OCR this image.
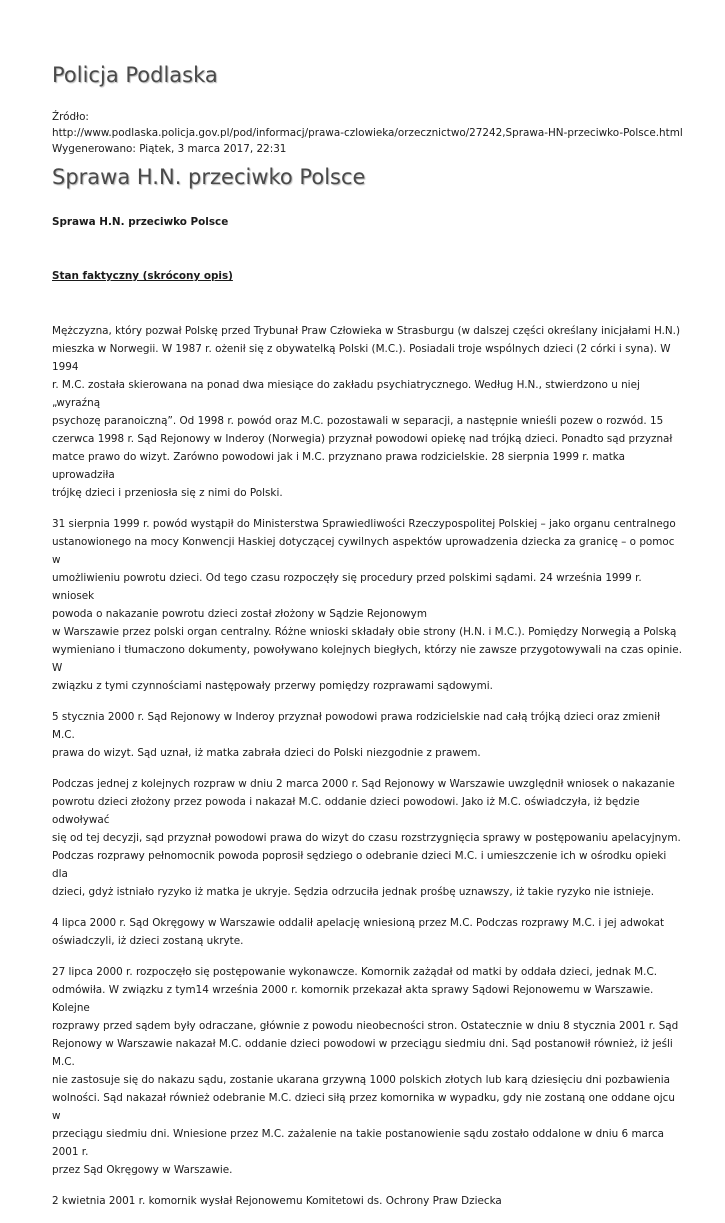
Policja Podlaska
Źródło:
http://www.podlaska.policja.gov.pl/pod/informacj/prawa-czlowieka/orzecznictwo/27242,Sprawa-HN-przeciwko-Polsce.html
Wygenerowano: Piątek, 3 marca 2017, 22:31
Sprawa H.N. przeciwko Polsce
Sprawa H.N. przeciwko Polsce
Stan faktyczny (skrócony opis)

Mężczyzna, który pozwał Polskę przed Trybunał Praw Człowieka w Strasburgu (w dalszej części określany inicjałami H.N.)
mieszka w Norwegii. W 1987 r. ożenił się z obywatelką Polski (M.C.). Posiadali troje wspólnych dzieci (2 córki i syna). W 1994
r. M.C. została skierowana na ponad dwa miesiące do zakładu psychiatrycznego. Według H.N., stwierdzono u niej „wyraźną
psychozę paranoiczną”. Od 1998 r. powód oraz M.C. pozostawali w separacji, a następnie wnieśli pozew o rozwód. 15
czerwca 1998 r. Sąd Rejonowy w Inderoy (Norwegia) przyznał powodowi opiekę nad trójką dzieci. Ponadto sąd przyznał
matce prawo do wizyt. Zarówno powodowi jak i M.C. przyznano prawa rodzicielskie. 28 sierpnia 1999 r. matka uprowadziła
trójkę dzieci i przeniosła się z nimi do Polski.

31 sierpnia 1999 r. powód wystąpił do Ministerstwa Sprawiedliwości Rzeczypospolitej Polskiej – jako organu centralnego
ustanowionego na mocy Konwencji Haskiej dotyczącej cywilnych aspektów uprowadzenia dziecka za granicę – o pomoc w
umożliwieniu powrotu dzieci. Od tego czasu rozpoczęły się procedury przed polskimi sądami. 24 września 1999 r. wniosek
powoda o nakazanie powrotu dzieci został złożony w Sądzie Rejonowym
w Warszawie przez polski organ centralny. Różne wnioski składały obie strony (H.N. i M.C.). Pomiędzy Norwegią a Polską
wymieniano i tłumaczono dokumenty, powoływano kolejnych biegłych, którzy nie zawsze przygotowywali na czas opinie. W
związku z tymi czynnościami następowały przerwy pomiędzy rozprawami sądowymi.

5 stycznia 2000 r. Sąd Rejonowy w Inderoy przyznał powodowi prawa rodzicielskie nad całą trójką dzieci oraz zmienił M.C.
prawa do wizyt. Sąd uznał, iż matka zabrała dzieci do Polski niezgodnie z prawem.

Podczas jednej z kolejnych rozpraw w dniu 2 marca 2000 r. Sąd Rejonowy w Warszawie uwzględnił wniosek o nakazanie
powrotu dzieci złożony przez powoda i nakazał M.C. oddanie dzieci powodowi. Jako iż M.C. oświadczyła, iż będzie odwoływać
się od tej decyzji, sąd przyznał powodowi prawa do wizyt do czasu rozstrzygnięcia sprawy w postępowaniu apelacyjnym.
Podczas rozprawy pełnomocnik powoda poprosił sędziego o odebranie dzieci M.C. i umieszczenie ich w ośrodku opieki dla
dzieci, gdyż istniało ryzyko iż matka je ukryje. Sędzia odrzuciła jednak prośbę uznawszy, iż takie ryzyko nie istnieje.

4 lipca 2000 r. Sąd Okręgowy w Warszawie oddalił apelację wniesioną przez M.C. Podczas rozprawy M.C. i jej adwokat
oświadczyli, iż dzieci zostaną ukryte.

27 lipca 2000 r. rozpoczęło się postępowanie wykonawcze. Komornik zażądał od matki by oddała dzieci, jednak M.C.
odmówiła. W związku z tym14 września 2000 r. komornik przekazał akta sprawy Sądowi Rejonowemu w Warszawie. Kolejne
rozprawy przed sądem były odraczane, głównie z powodu nieobecności stron. Ostatecznie w dniu 8 stycznia 2001 r. Sąd
Rejonowy w Warszawie nakazał M.C. oddanie dzieci powodowi w przeciągu siedmiu dni. Sąd postanowił również, iż jeśli M.C.
nie zastosuje się do nakazu sądu, zostanie ukarana grzywną 1000 polskich złotych lub karą dziesięciu dni pozbawienia
wolności. Sąd nakazał również odebranie M.C. dzieci siłą przez komornika w wypadku, gdy nie zostaną one oddane ojcu w
przeciągu siedmiu dni. Wniesione przez M.C. zażalenie na takie postanowienie sądu zostało oddalone w dniu 6 marca 2001 r.
przez Sąd Okręgowy w Warszawie.

2 kwietnia 2001 r. komornik wysłał Rejonowemu Komitetowi ds. Ochrony Praw Dziecka
